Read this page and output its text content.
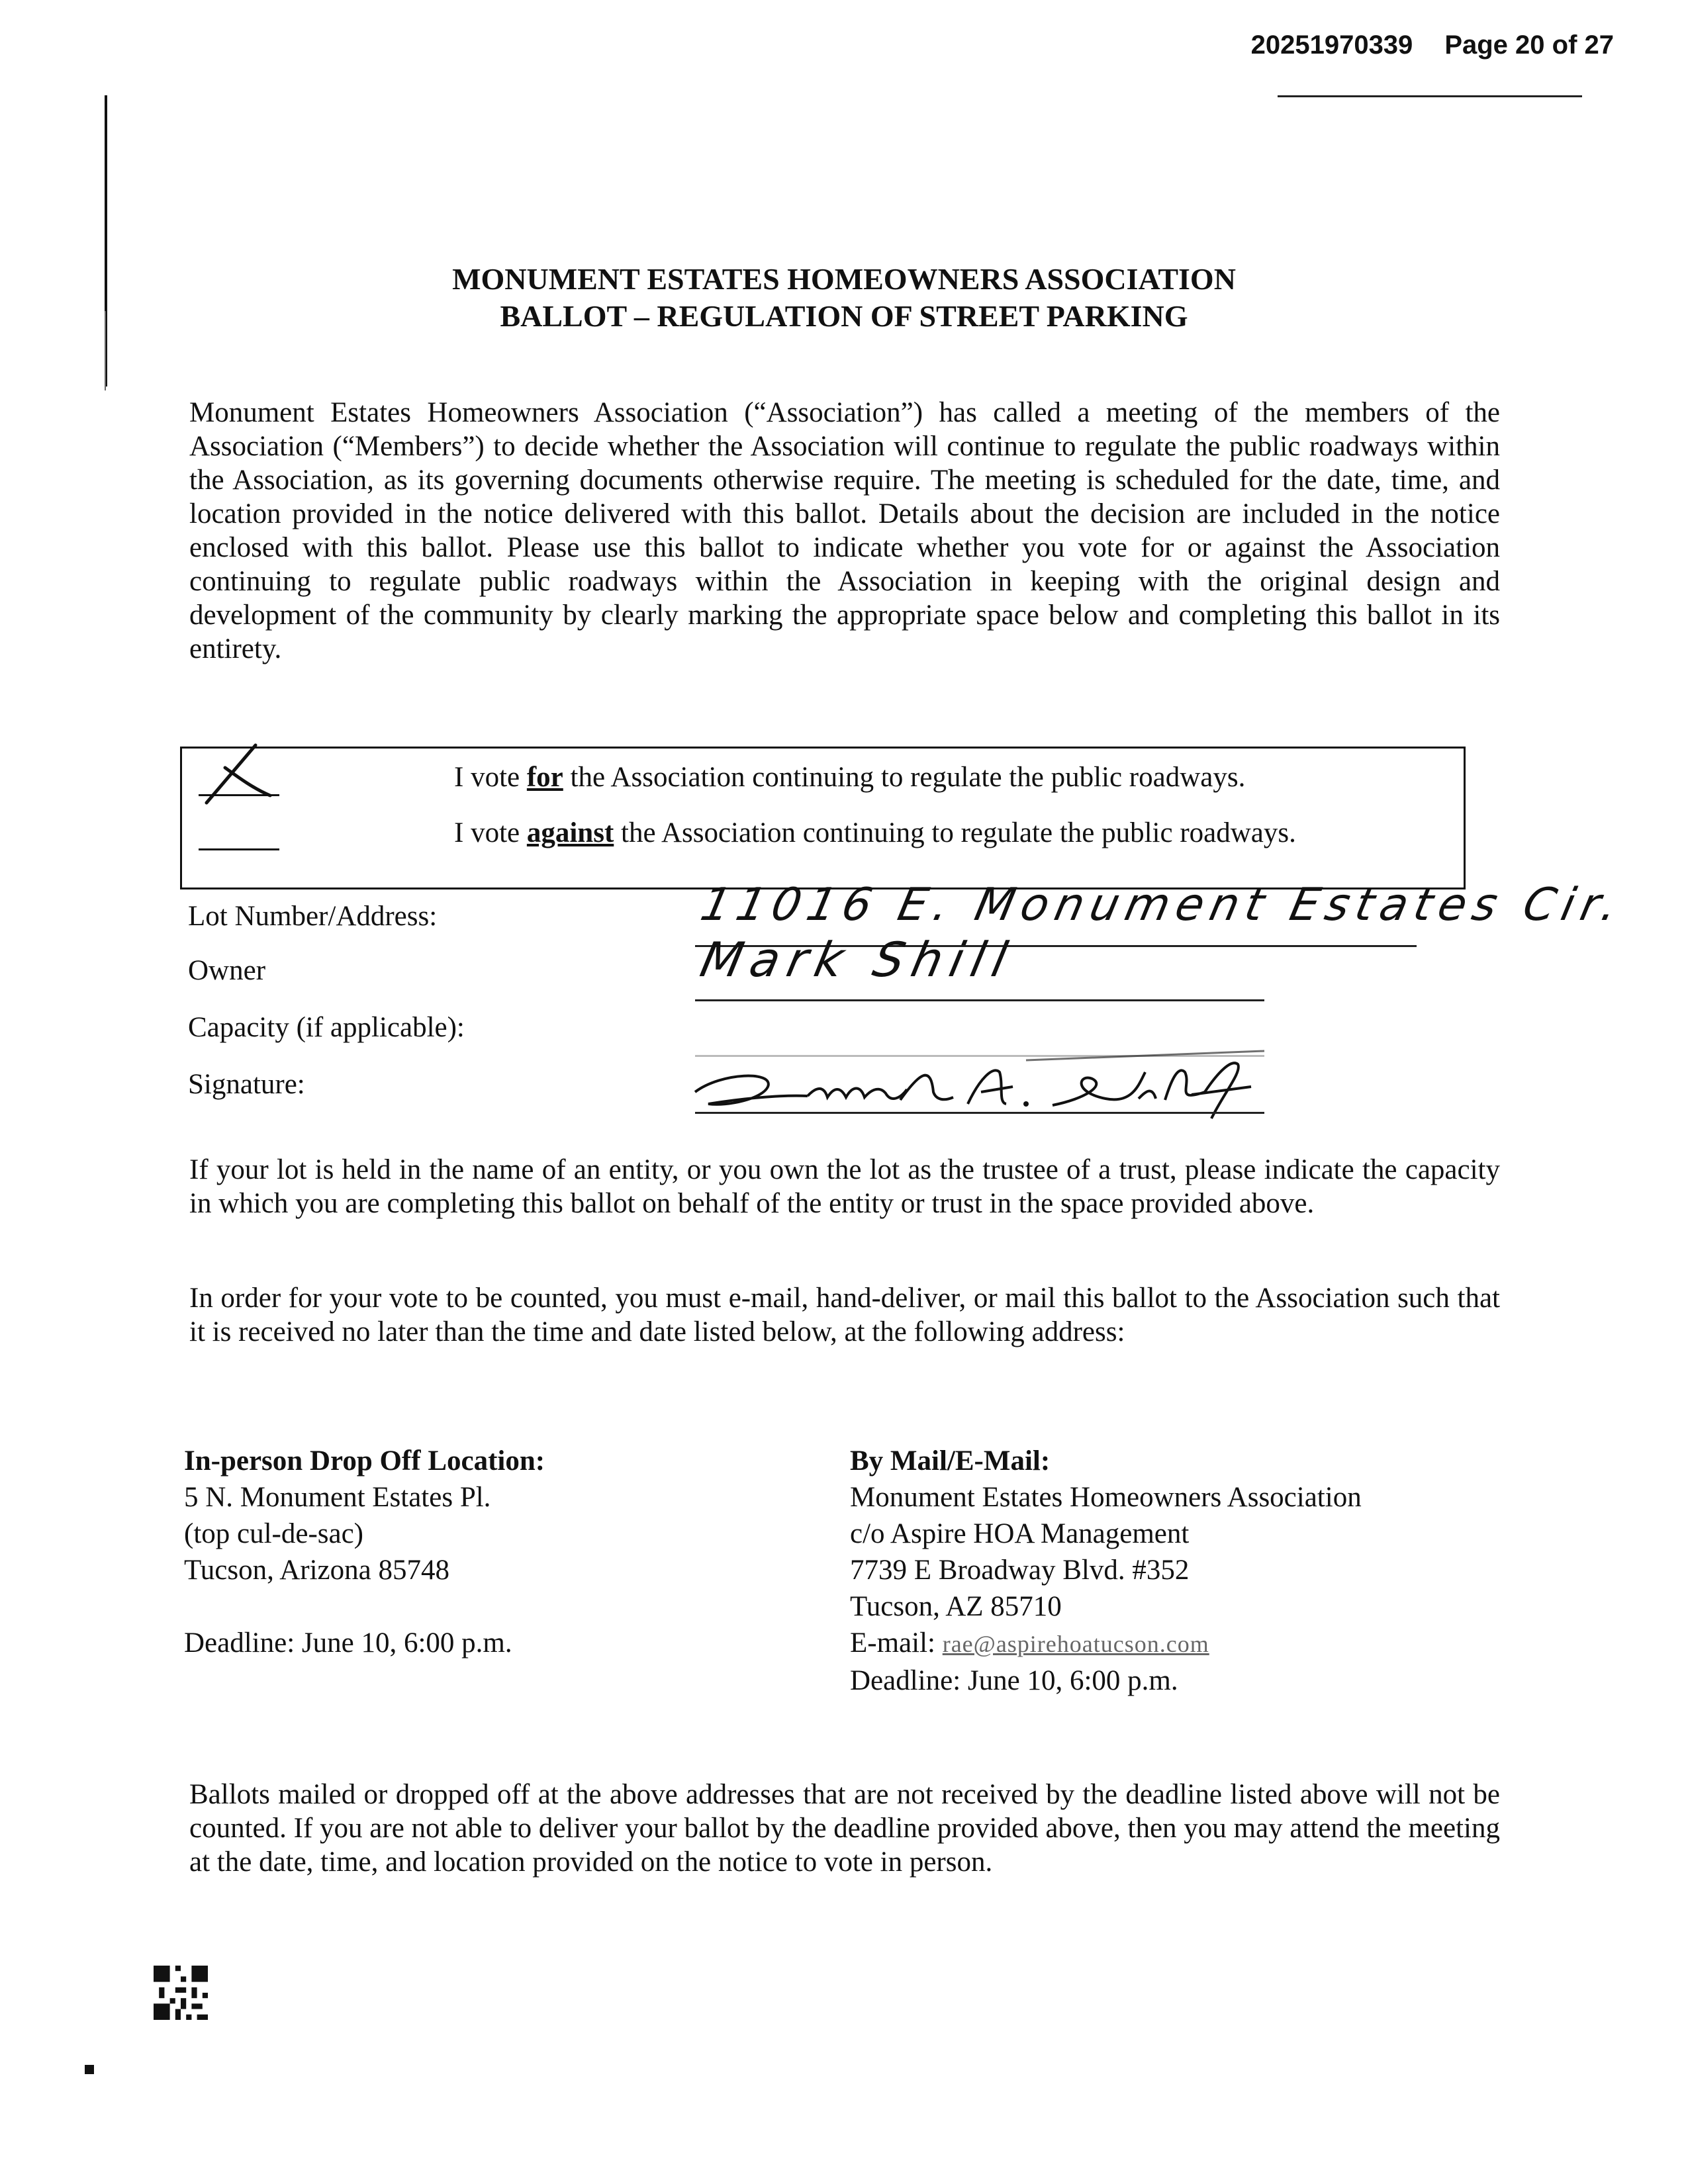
20251970339 Page 20 of 27
MONUMENT ESTATES HOMEOWNERS ASSOCIATION
BALLOT – REGULATION OF STREET PARKING
Monument Estates Homeowners Association (“Association”) has called a meeting of the members of the Association (“Members”) to decide whether the Association will continue to regulate the public roadways within the Association, as its governing documents otherwise require. The meeting is scheduled for the date, time, and location provided in the notice delivered with this ballot. Details about the decision are included in the notice enclosed with this ballot. Please use this ballot to indicate whether you vote for or against the Association continuing to regulate public roadways within the Association in keeping with the original design and development of the community by clearly marking the appropriate space below and completing this ballot in its entirety.
I vote for the Association continuing to regulate the public roadways.
I vote against the Association continuing to regulate the public roadways.
Lot Number/Address:	11016 E. Monument Estates Cir.
Owner	Mark Shill
Capacity (if applicable):
Signature:
If your lot is held in the name of an entity, or you own the lot as the trustee of a trust, please indicate the capacity in which you are completing this ballot on behalf of the entity or trust in the space provided above.
In order for your vote to be counted, you must e-mail, hand-deliver, or mail this ballot to the Association such that it is received no later than the time and date listed below, at the following address:
In-person Drop Off Location:
5 N. Monument Estates Pl.
(top cul-de-sac)
Tucson, Arizona 85748
Deadline: June 10, 6:00 p.m.
By Mail/E-Mail:
Monument Estates Homeowners Association
c/o Aspire HOA Management
7739 E Broadway Blvd. #352
Tucson, AZ 85710
E-mail: rae@aspirehoatucson.com
Deadline: June 10, 6:00 p.m.
Ballots mailed or dropped off at the above addresses that are not received by the deadline listed above will not be counted. If you are not able to deliver your ballot by the deadline provided above, then you may attend the meeting at the date, time, and location provided on the notice to vote in person.
